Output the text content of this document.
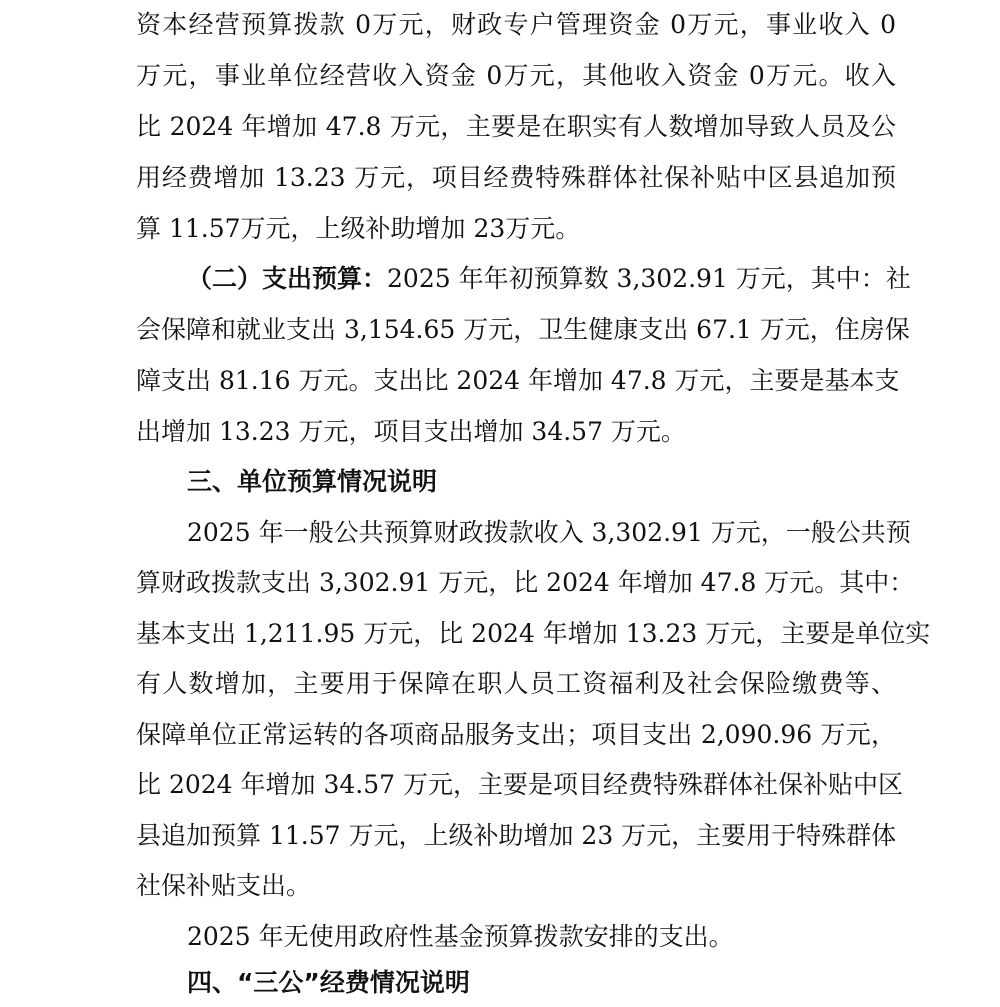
资本经营预算拨款 0万元，财政专户管理资金 0万元，事业收入 0
万元，事业单位经营收入资金 0万元，其他收入资金 0万元。收入
比 2024 年增加 47.8 万元，主要是在职实有人数增加导致人员及公
用经费增加 13.23 万元，项目经费特殊群体社保补贴中区县追加预
算 11.57万元，上级补助增加 23万元。
（二）支出预算：2025 年年初预算数 3,302.91 万元，其中：社
会保障和就业支出 3,154.65 万元，卫生健康支出 67.1 万元，住房保
障支出 81.16 万元。支出比 2024 年增加 47.8 万元，主要是基本支
出增加 13.23 万元，项目支出增加 34.57 万元。
三、单位预算情况说明
2025 年一般公共预算财政拨款收入 3,302.91 万元，一般公共预
算财政拨款支出 3,302.91 万元，比 2024 年增加 47.8 万元。其中：
基本支出 1,211.95 万元，比 2024 年增加 13.23 万元，主要是单位实
有人数增加，主要用于保障在职人员工资福利及社会保险缴费等、
保障单位正常运转的各项商品服务支出；项目支出 2,090.96 万元，
比 2024 年增加 34.57 万元，主要是项目经费特殊群体社保补贴中区
县追加预算 11.57 万元，上级补助增加 23 万元，主要用于特殊群体
社保补贴支出。
2025 年无使用政府性基金预算拨款安排的支出。
四、“三公”经费情况说明
